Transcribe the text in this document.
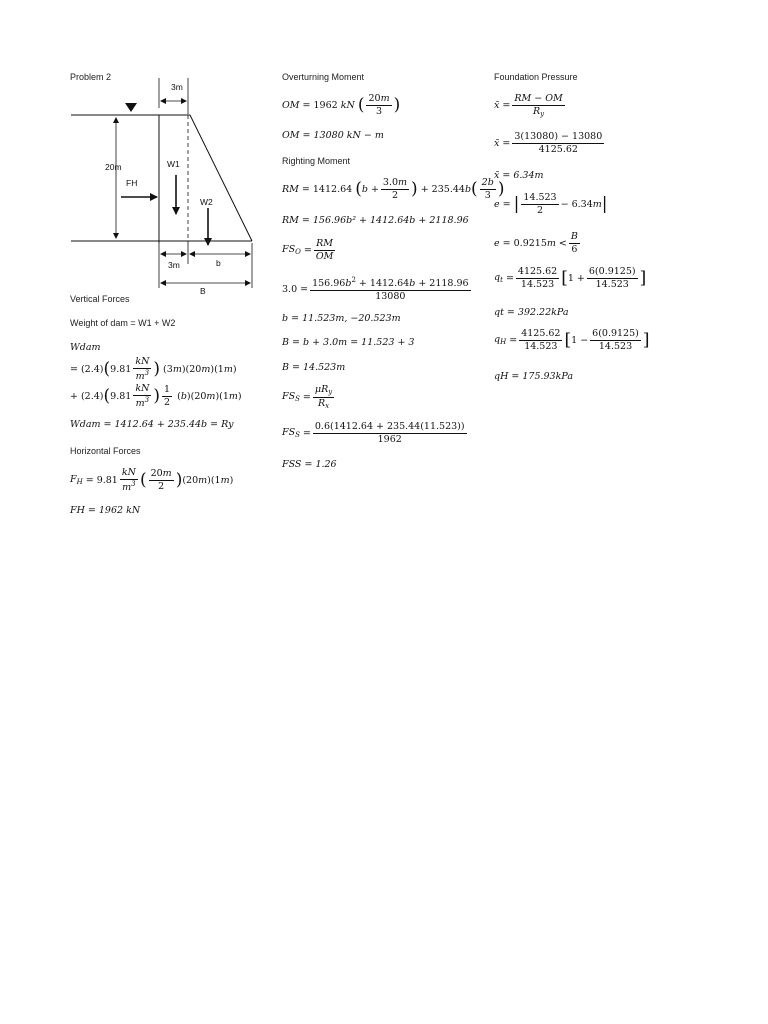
Problem 2
3m
20m
FH
W1
W2
3m	b
B
Vertical Forces
Weight of dam = W1 + W2
Wdam
= (2.4) ( $9.81 \frac{kN}{m^3}$ ) (3m)(20m)(1m)
+ (2.4) ( $9.81 \frac{kN}{m^3}$ ) $\frac{1}{2} (b)(20m)(1m)$
Wdam = 1412.64 + 235.44b = Ry
Horizontal Forces
$F_H = 9.81 \frac{kN}{m^3}$ ( $\frac{20m}{2}$ ) (20m)(1m)
FH = 1962 kN
Overturning Moment
OM = 1962 kN
( $\frac{20m}{3}$ )
OM = 13080 kN − m
Righting Moment
RM = 1412.64 ( $b + \frac{3.0m}{2}$ ) + 235.44 b ( $\frac{2b}{3}$ )
RM = 156.96b² + 1412.64b + 2118.96
$FS_O = \frac{RM}{OM}$
$3.0 = \frac{156.96b^2 + 1412.64b + 2118.96}{13080}$
b = 11.523m, −20.523m
B = b + 3.0m = 11.523 + 3
B = 14.523m
$FS_S = \frac{\mu R_y}{R_x}$
$FS_S = \frac{0.6(1412.64 + 235.44(11.523))}{1962}$
FSS = 1.26
Foundation Pressure
x̄ = $\frac{RM - OM}{R_y}$
x̄ = $\frac{3(13080) - 13080}{4125.62}$
x̄ = 6.34m
e = | $\frac{14.523}{2} - 6.34m$ |
$e = 0.9215m < \frac{B}{6}$
$q_t = \frac{4125.62}{14.523}$ [ $1 + \frac{6(0.9125)}{14.523}$ ]
qt = 392.22kPa
$q_H = \frac{4125.62}{14.523}$ [ $1 - \frac{6(0.9125)}{14.523}$ ]
qH = 175.93kPa
